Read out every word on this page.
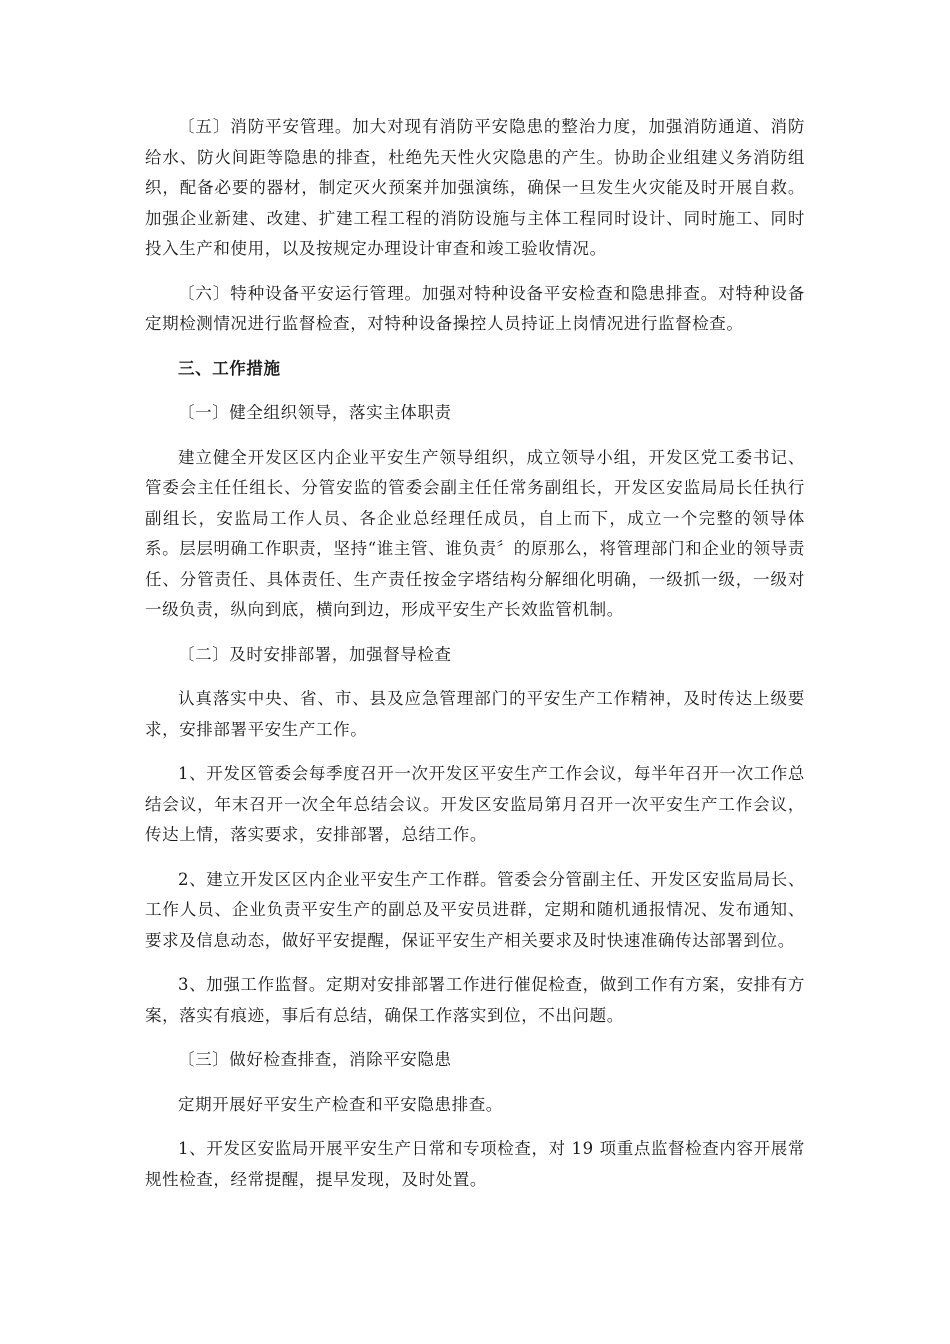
〔五〕消防平安管理。加大对现有消防平安隐患的整治力度，加强消防通道、消防给水、防火间距等隐患的排查，杜绝先天性火灾隐患的产生。协助企业组建义务消防组织，配备必要的器材，制定灭火预案并加强演练，确保一旦发生火灾能及时开展自救。加强企业新建、改建、扩建工程工程的消防设施与主体工程同时设计、同时施工、同时投入生产和使用，以及按规定办理设计审查和竣工验收情况。

〔六〕特种设备平安运行管理。加强对特种设备平安检查和隐患排查。对特种设备定期检测情况进行监督检查，对特种设备操控人员持证上岗情况进行监督检查。

三、工作措施

〔一〕健全组织领导，落实主体职责

建立健全开发区区内企业平安生产领导组织，成立领导小组，开发区党工委书记、管委会主任任组长、分管安监的管委会副主任任常务副组长，开发区安监局局长任执行副组长，安监局工作人员、各企业总经理任成员，自上而下，成立一个完整的领导体系。层层明确工作职责，坚持“谁主管、谁负责〞的原那么，将管理部门和企业的领导责任、分管责任、具体责任、生产责任按金字塔结构分解细化明确，一级抓一级，一级对一级负责，纵向到底，横向到边，形成平安生产长效监管机制。

〔二〕及时安排部署，加强督导检查

认真落实中央、省、市、县及应急管理部门的平安生产工作精神，及时传达上级要求，安排部署平安生产工作。

1、开发区管委会每季度召开一次开发区平安生产工作会议，每半年召开一次工作总结会议，年末召开一次全年总结会议。开发区安监局第月召开一次平安生产工作会议，传达上情，落实要求，安排部署，总结工作。

2、建立开发区区内企业平安生产工作群。管委会分管副主任、开发区安监局局长、工作人员、企业负责平安生产的副总及平安员进群，定期和随机通报情况、发布通知、要求及信息动态，做好平安提醒，保证平安生产相关要求及时快速准确传达部署到位。

3、加强工作监督。定期对安排部署工作进行催促检查，做到工作有方案，安排有方案，落实有痕迹，事后有总结，确保工作落实到位，不出问题。

〔三〕做好检查排查，消除平安隐患

定期开展好平安生产检查和平安隐患排查。

1、开发区安监局开展平安生产日常和专项检查，对 19 项重点监督检查内容开展常规性检查，经常提醒，提早发现，及时处置。
